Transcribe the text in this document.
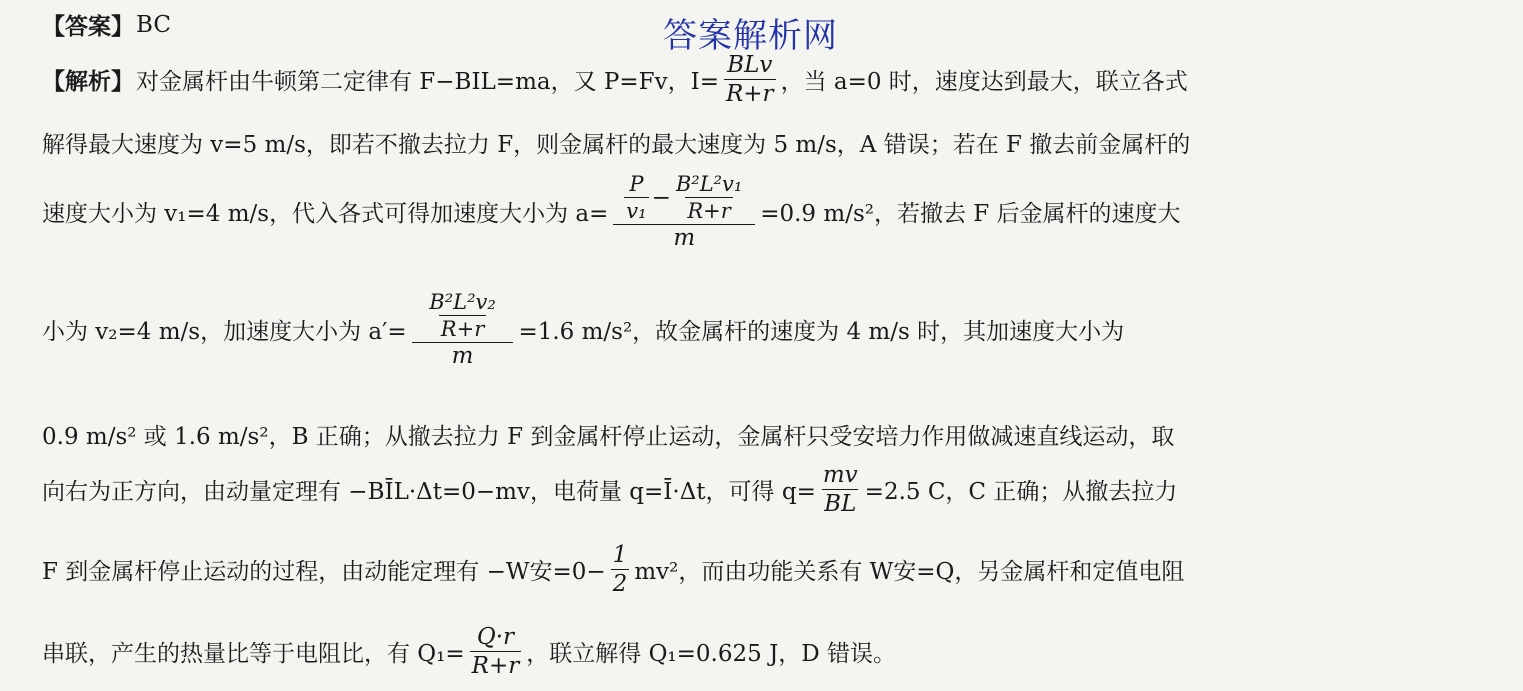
答案解析网
【答案】 BC
【解析】 对金属杆由牛顿第二定律有 F−BIL=ma，又 P=Fv，$I= \frac{\text{BLv}}{R+r}$ ，当 a=0 时，速度达到最大，联立各式
解得最大速度为 v=5 m/s，即若不撤去拉力 F，则金属杆的最大速度为 5 m/s，A 错误；若在 F 撤去前金属杆的
速度大小为 v₁=4 m/s，代入各式可得加速度大小为 $a= \frac{P}{\text{v₁}} - \frac{\text{B²L²v₁}}{R+r}$
m
=0.9 m/s²，若撤去 F 后金属杆的速度大
小为 v₂=4 m/s，加速度大小为 $a'= \frac{\frac{\text{B²L²v₂}}{R+r}}{m} =1.6$ m/s²，故金属杆的速度为 4 m/s 时，其加速度大小为
0.9 m/s² 或 1.6 m/s²，B 正确；从撤去拉力 F 到金属杆停止运动，金属杆只受安培力作用做减速直线运动，取
向右为正方向，由动量定理有 −BĪL·Δt=0−mv，电荷量 q=Ī·Δt，可得 $q= \frac{mv}{BL} =2.5$ C，C 正确；从撤去拉力
F 到金属杆停止运动的过程，由动能定理有 −W安$=0- \frac{1}{2} mv^2$，而由功能关系有 W安=Q，另金属杆和定值电阻
串联，产生的热量比等于电阻比，有 $Q_1= \frac{Q\cdot r}{R+r}$ ，联立解得 Q₁=0.625 J，D 错误。
